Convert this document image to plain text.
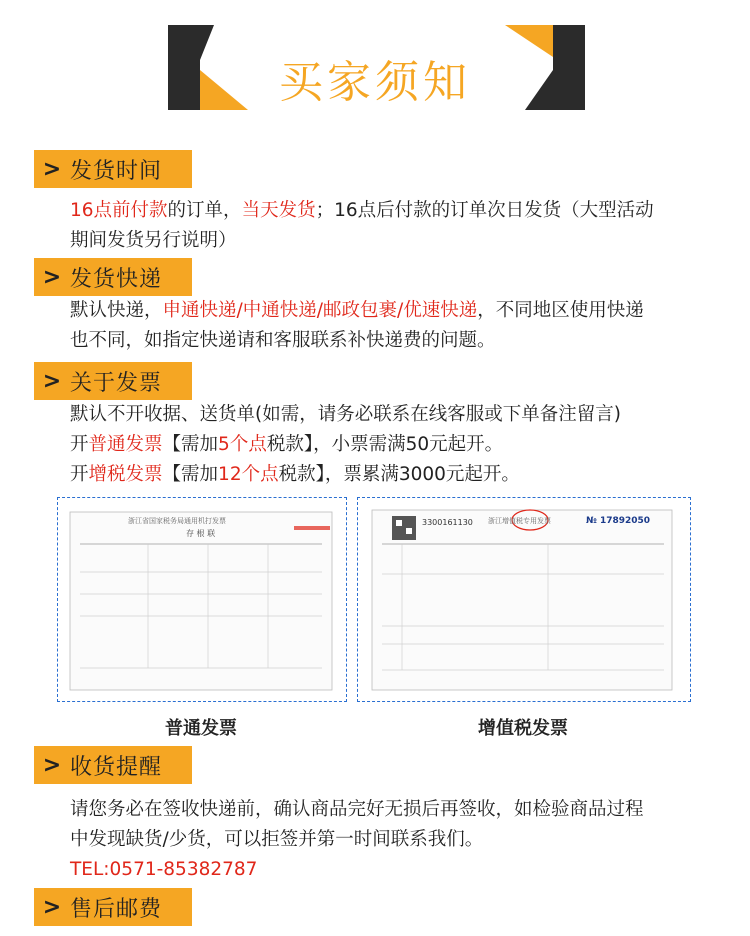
买家须知
> 发货时间
16点前付款的订单，当天发货；16点后付款的订单次日发货（大型活动
期间发货另行说明）
> 发货快递
默认快递，申通快递/中通快递/邮政包裹/优速快递，不同地区使用快递
也不同，如指定快递请和客服联系补快递费的问题。
> 关于发票
默认不开收据、送货单(如需，请务必联系在线客服或下单备注留言)
开普通发票【需加5个点税款】，小票需满50元起开。
开增税发票【需加12个点税款】，票累满3000元起开。
浙江省国家税务局通用机打发票
存 根 联
3300161130 浙江增值税专用发票	№ 17892050
普通发票	增值税发票
> 收货提醒
请您务必在签收快递前，确认商品完好无损后再签收，如检验商品过程
中发现缺货/少货，可以拒签并第一时间联系我们。
TEL:0571-85382787
> 售后邮费
